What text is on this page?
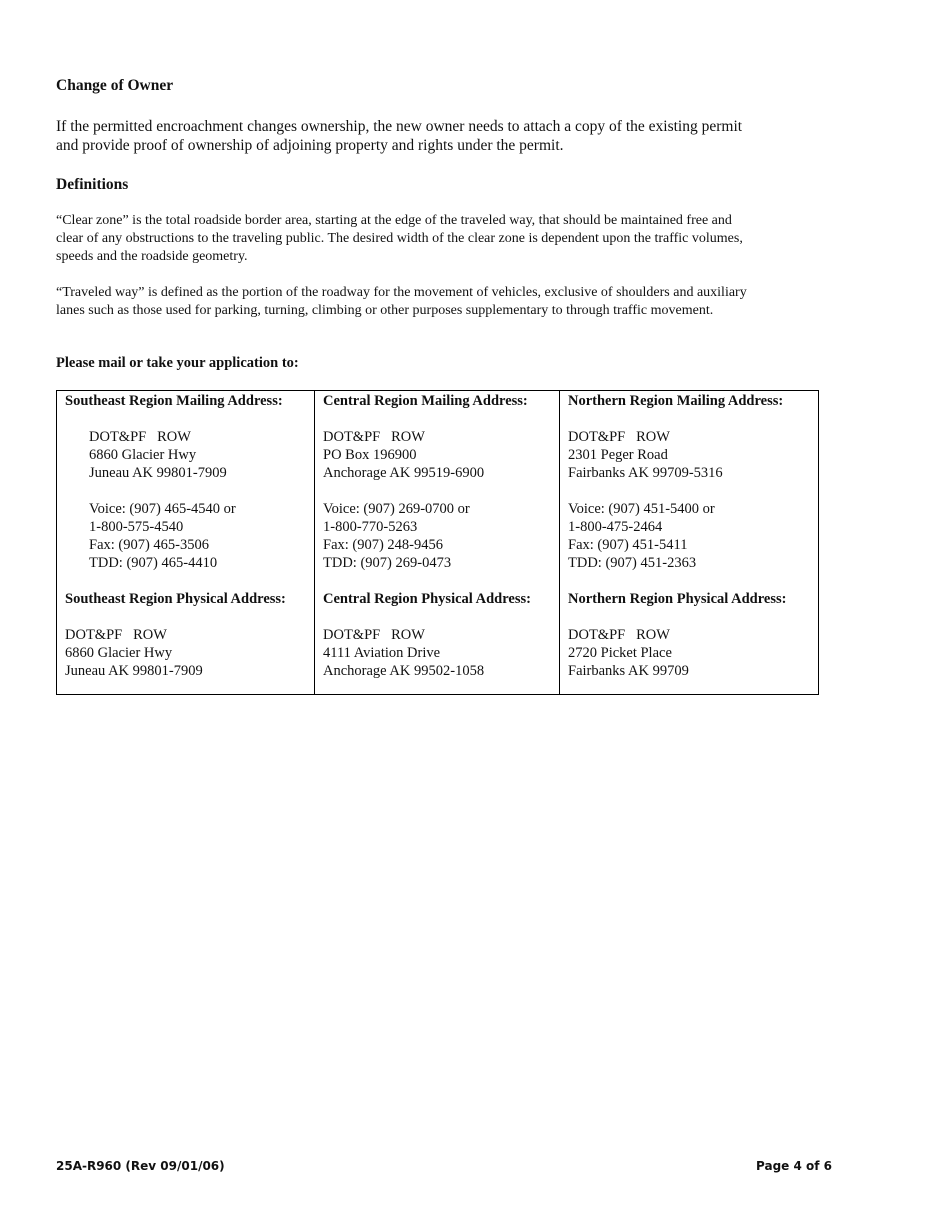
Change of Owner

If the permitted encroachment changes ownership, the new owner needs to attach a copy of the existing permit

and provide proof of ownership of adjoining property and rights under the permit.

Definitions

“Clear zone” is the total roadside border area, starting at the edge of the traveled way, that should be maintained free and

clear of any obstructions to the traveling public. The desired width of the clear zone is dependent upon the traffic volumes,

speeds and the roadside geometry.

“Traveled way” is defined as the portion of the roadway for the movement of vehicles, exclusive of shoulders and auxiliary

lanes such as those used for parking, turning, climbing or other purposes supplementary to through traffic movement.

Please mail or take your application to:
Southeast Region Mailing Address:
DOT&PF   ROW
6860 Glacier Hwy
Juneau AK 99801-7909
Voice: (907) 465-4540 or
1-800-575-4540
Fax: (907) 465-3506
TDD: (907) 465-4410
Southeast Region Physical Address:
DOT&PF   ROW
6860 Glacier Hwy
Juneau AK 99801-7909

Central Region Mailing Address:
DOT&PF   ROW
PO Box 196900
Anchorage AK 99519-6900
Voice: (907) 269-0700 or
1-800-770-5263
Fax: (907) 248-9456
TDD: (907) 269-0473
Central Region Physical Address:
DOT&PF   ROW
4111 Aviation Drive
Anchorage AK 99502-1058

Northern Region Mailing Address:
DOT&PF   ROW
2301 Peger Road
Fairbanks AK 99709-5316
Voice: (907) 451-5400 or
1-800-475-2464
Fax: (907) 451-5411
TDD: (907) 451-2363
Northern Region Physical Address:
DOT&PF   ROW
2720 Picket Place
Fairbanks AK 99709
25A-R960 (Rev 09/01/06)	Page 4 of 6
